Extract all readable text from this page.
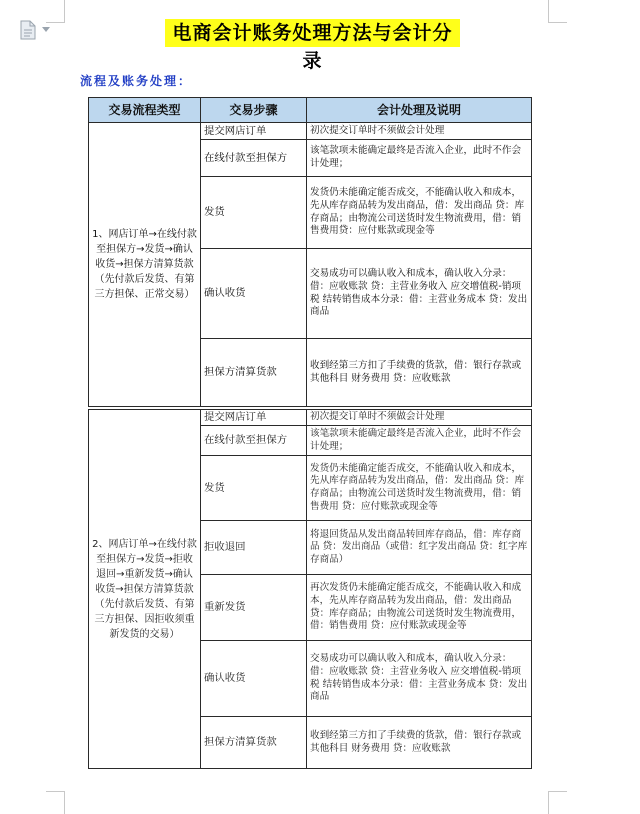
电商会计账务处理方法与会计分录
流程及账务处理：
交易流程类型	交易步骤	会计处理及说明
1、网店订单→在线付款至担保方→发货→确认收货→担保方清算货款（先付款后发货、有第三方担保、正常交易）	提交网店订单	初次提交订单时不须做会计处理
	在线付款至担保方	该笔款项未能确定最终是否流入企业，此时不作会计处理；
	发货	发货仍未能确定能否成交，不能确认收入和成本，先从库存商品转为发出商品，借：发出商品 贷：库存商品；由物流公司送货时发生物流费用，借：销售费用贷：应付账款或现金等
	确认收货	交易成功可以确认收入和成本，确认收入分录：借：应收账款 贷：主营业务收入 应交增值税-销项税 结转销售成本分录：借：主营业务成本 贷：发出商品
	担保方清算货款	收到经第三方扣了手续费的货款，借：银行存款或其他科目 财务费用 贷：应收账款
2、网店订单→在线付款至担保方→发货→拒收退回→重新发货→确认收货→担保方清算货款（先付款后发货、有第三方担保、因拒收须重新发货的交易）	提交网店订单	初次提交订单时不须做会计处理
	在线付款至担保方	该笔款项未能确定最终是否流入企业，此时不作会计处理；
	发货	发货仍未能确定能否成交，不能确认收入和成本，先从库存商品转为发出商品，借：发出商品 贷：库存商品；由物流公司送货时发生物流费用，借：销售费用 贷：应付账款或现金等
	拒收退回	将退回货品从发出商品转回库存商品，借：库存商品 贷：发出商品（或借：红字发出商品 贷：红字库存商品）
	重新发货	再次发货仍未能确定能否成交，不能确认收入和成本，先从库存商品转为发出商品，借：发出商品 贷：库存商品；由物流公司送货时发生物流费用，借：销售费用 贷：应付账款或现金等
	确认收货	交易成功可以确认收入和成本，确认收入分录：借：应收账款 贷：主营业务收入 应交增值税-销项税 结转销售成本分录：借：主营业务成本 贷：发出商品
	担保方清算货款	收到经第三方扣了手续费的货款，借：银行存款或其他科目 财务费用 贷：应收账款
